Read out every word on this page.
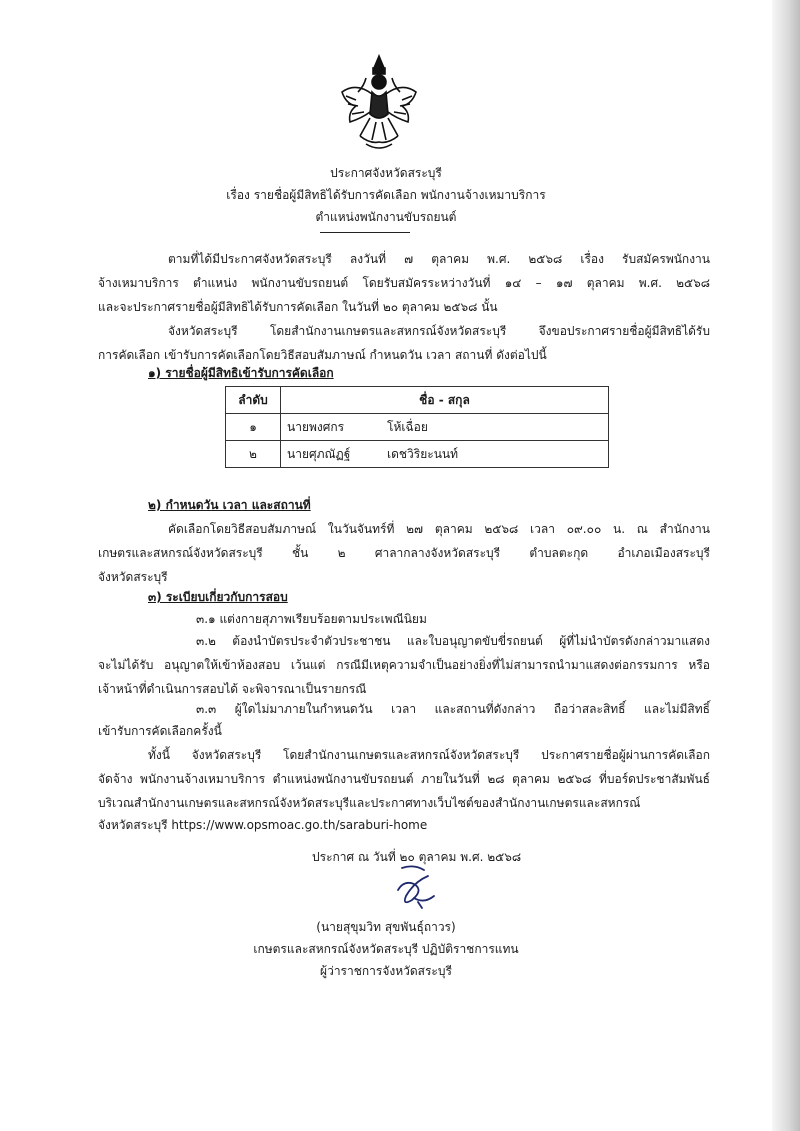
ประกาศจังหวัดสระบุรี
เรื่อง รายชื่อผู้มีสิทธิได้รับการคัดเลือก พนักงานจ้างเหมาบริการ
ตำแหน่งพนักงานขับรถยนต์
ตามที่ได้มีประกาศจังหวัดสระบุรี ลงวันที่ ๗ ตุลาคม พ.ศ. ๒๕๖๘ เรื่อง รับสมัครพนักงาน
จ้างเหมาบริการ ตำแหน่ง พนักงานขับรถยนต์ โดยรับสมัครระหว่างวันที่ ๑๔ – ๑๗ ตุลาคม พ.ศ. ๒๕๖๘
และจะประกาศรายชื่อผู้มีสิทธิได้รับการคัดเลือก ในวันที่ ๒๐ ตุลาคม ๒๕๖๘ นั้น
จังหวัดสระบุรี โดยสำนักงานเกษตรและสหกรณ์จังหวัดสระบุรี จึงขอประกาศรายชื่อผู้มีสิทธิได้รับ
การคัดเลือก เข้ารับการคัดเลือกโดยวิธีสอบสัมภาษณ์ กำหนดวัน เวลา สถานที่ ดังต่อไปนี้
๑) รายชื่อผู้มีสิทธิเข้ารับการคัดเลือก
ลำดับ	ชื่อ - สกุล
๑	นายพงศกร โห้เฉื่อย
๒	นายศุภณัฏฐ์ เดชวิริยะนนท์
๒) กำหนดวัน เวลา และสถานที่
คัดเลือกโดยวิธีสอบสัมภาษณ์ ในวันจันทร์ที่ ๒๗ ตุลาคม ๒๕๖๘ เวลา ๐๙.๐๐ น. ณ สำนักงาน
เกษตรและสหกรณ์จังหวัดสระบุรี ชั้น ๒ ศาลากลางจังหวัดสระบุรี ตำบลตะกุด อำเภอเมืองสระบุรี
จังหวัดสระบุรี
๓) ระเบียบเกี่ยวกับการสอบ
๓.๑ แต่งกายสุภาพเรียบร้อยตามประเพณีนิยม
๓.๒ ต้องนำบัตรประจำตัวประชาชน และใบอนุญาตขับขี่รถยนต์ ผู้ที่ไม่นำบัตรดังกล่าวมาแสดง
จะไม่ได้รับ อนุญาตให้เข้าห้องสอบ เว้นแต่ กรณีมีเหตุความจำเป็นอย่างยิ่งที่ไม่สามารถนำมาแสดงต่อกรรมการ หรือ
เจ้าหน้าที่ดำเนินการสอบได้ จะพิจารณาเป็นรายกรณี
๓.๓ ผู้ใดไม่มาภายในกำหนดวัน เวลา และสถานที่ดังกล่าว ถือว่าสละสิทธิ์ และไม่มีสิทธิ์
เข้ารับการคัดเลือกครั้งนี้
ทั้งนี้ จังหวัดสระบุรี โดยสำนักงานเกษตรและสหกรณ์จังหวัดสระบุรี ประกาศรายชื่อผู้ผ่านการคัดเลือก
จัดจ้าง พนักงานจ้างเหมาบริการ ตำแหน่งพนักงานขับรถยนต์ ภายในวันที่ ๒๘ ตุลาคม ๒๕๖๘ ที่บอร์ดประชาสัมพันธ์
บริเวณสำนักงานเกษตรและสหกรณ์จังหวัดสระบุรีและประกาศทางเว็บไซต์ของสำนักงานเกษตรและสหกรณ์
จังหวัดสระบุรี https://www.opsmoac.go.th/saraburi-home
ประกาศ ณ วันที่ ๒๐ ตุลาคม พ.ศ. ๒๕๖๘
(นายสุขุมวิท สุขพันธุ์ถาวร)
เกษตรและสหกรณ์จังหวัดสระบุรี ปฏิบัติราชการแทน
ผู้ว่าราชการจังหวัดสระบุรี
